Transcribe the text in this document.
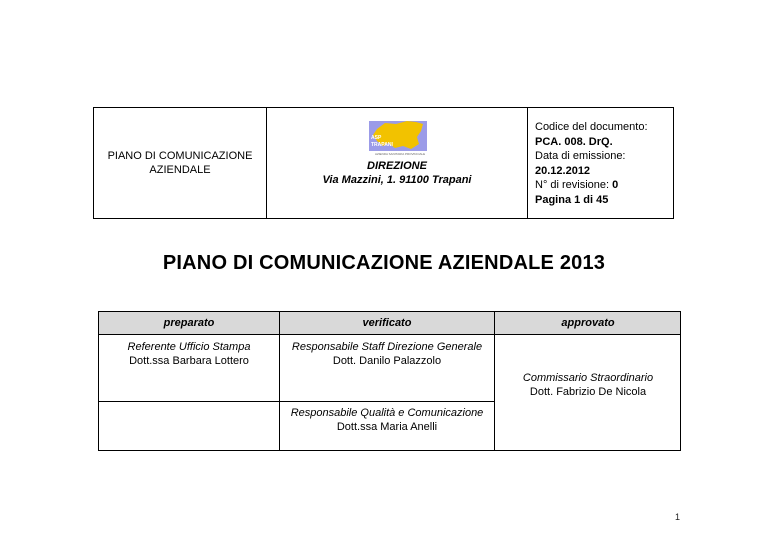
PIANO DI COMUNICAZIONE AZIENDALE
ASP
TRAPANI
AZIENDA SANITARIA PROVINCIALE
DIREZIONE
Via Mazzini, 1. 91100 Trapani
Codice del documento:
PCA. 008. DrQ.
Data di emissione:
20.12.2012
N° di revisione: 0
Pagina 1 di 45
PIANO DI COMUNICAZIONE AZIENDALE 2013
preparato	verificato	approvato
Referente Ufficio Stampa
Dott.ssa Barbara Lottero
Responsabile Staff Direzione Generale
Dott. Danilo Palazzolo
Responsabile Qualità e Comunicazione
Dott.ssa Maria Anelli
Commissario Straordinario
Dott. Fabrizio De Nicola
1
